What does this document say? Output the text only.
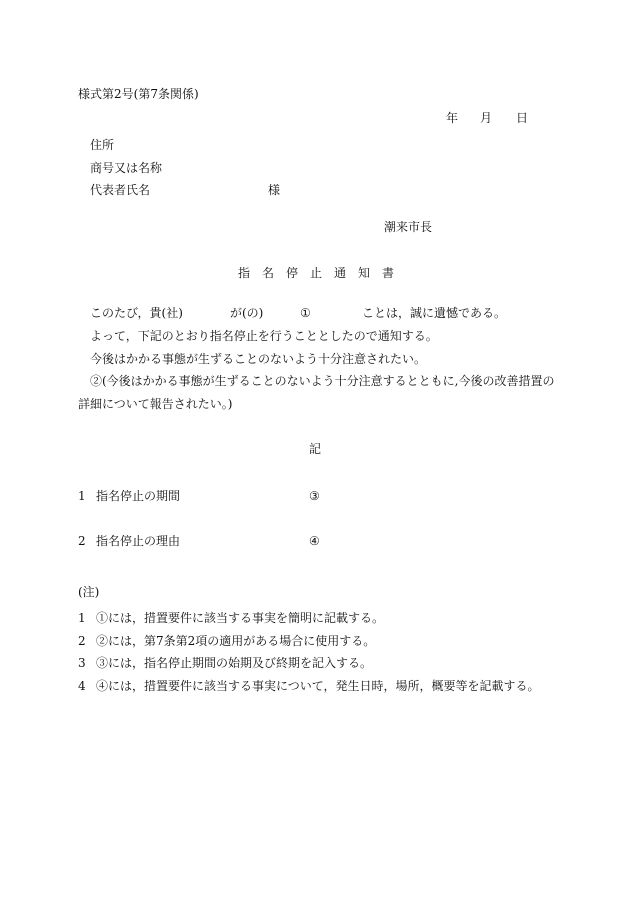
様式第2号(第7条関係)
年 月 日
住所
商号又は名称
代表者氏名	様
潮来市長
指　名　停　止　通　知　書
このたび，貴(社)	が(の)	①	ことは，誠に遺憾である。
よって，下記のとおり指名停止を行うこととしたので通知する。
今後はかかる事態が生ずることのないよう十分注意されたい。
②(今後はかかる事態が生ずることのないよう十分注意するとともに,今後の改善措置の
詳細について報告されたい。)
記
1 指名停止の期間	③
2 指名停止の理由	④
(注)
1 ①には，措置要件に該当する事実を簡明に記載する。
2 ②には，第7条第2項の適用がある場合に使用する。
3 ③には，指名停止期間の始期及び終期を記入する。
4 ④には，措置要件に該当する事実について，発生日時，場所，概要等を記載する。
